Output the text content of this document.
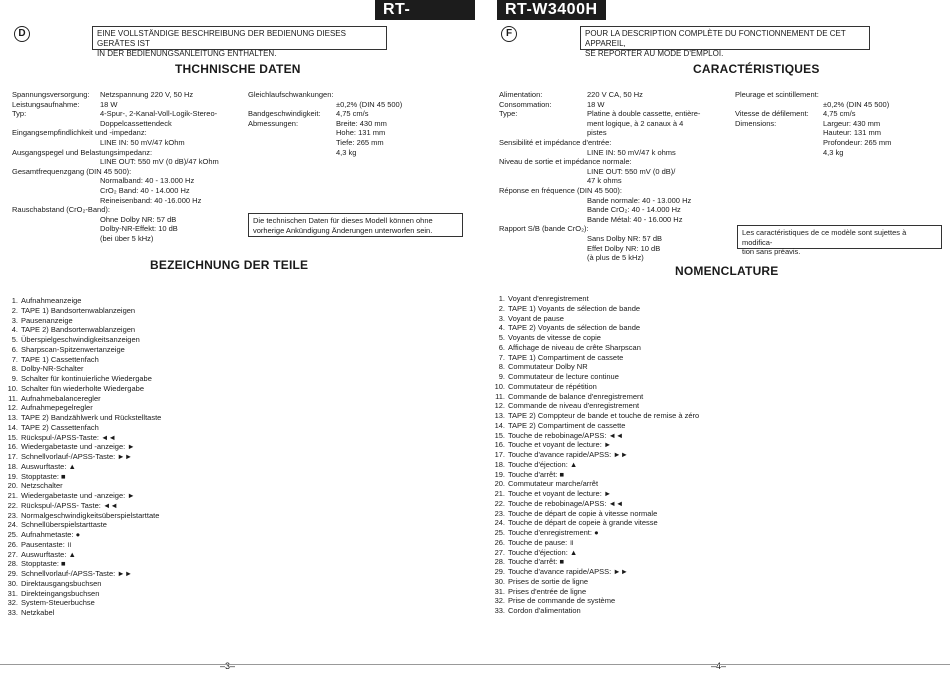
RT-W3400H
D	EINE VOLLSTÄNDIGE BESCHREIBUNG DER BEDIENUNG DIESES GERÄTES IST
IN DER BEDIENUNGSANLEITUNG ENTHALTEN.
THCHNISCHE DATEN
Spannungsversorgung:	Netzspannung 220 V, 50 Hz
Leistungsaufnahme:	18 W
Typ:	4-Spur-, 2-Kanal-Voll-Logik-Stereo-
Doppelcassettendeck
Eingangsempfindlichkeit und -impedanz:
LINE IN: 50 mV/47 kOhm
Ausgangspegel und Belastungsimpedanz:
LINE OUT: 550 mV (0 dB)/47 kOhm
Gesamtfrequenzgang (DIN 45 500):
Normalband: 40 - 13.000 Hz
CrO₂ Band: 40 - 14.000 Hz
Reineisenband: 40 -16.000 Hz
Rauschabstand (CrO₂-Band):
Ohne Dolby NR: 57 dB
Dolby-NR-Effekt: 10 dB
(bei über 5 kHz)
Gleichlaufschwankungen:
±0,2% (DIN 45 500)
Bandgeschwindigkeit:	4,75 cm/s
Abmessungen:	Breite: 430 mm
Hohe: 131 mm
Tiefe: 265 mm
4,3 kg
Die technischen Daten für dieses Modell können ohne
vorherige Ankündigung Änderungen unterworfen sein.
BEZEICHNUNG DER TEILE
1. Aufnahmeanzeige
2. TAPE 1) Bandsortenwablanzeigen
3. Pausenanzeige
4. TAPE 2) Bandsortenwablanzeigen
5. Überspielgeschwindigkeitsanzeigen
6. Sharpscan-Spitzenwertanzeige
7. TAPE 1) Cassettenfach
8. Dolby-NR-Schalter
9. Schalter für kontinuierliche Wiedergabe
10. Schalter fün wiederholte Wiedergabe
11. Aufnahmebalanceregler
12. Aufnahmepegelregler
13. TAPE 2) Bandzählwerk und Rückstelltaste
14. TAPE 2) Cassettenfach
15. Rückspul-/APSS-Taste: ◄◄
16. Wiedergabetaste und -anzeige: ►
17. Schnellvorlauf-/APSS-Taste: ►►
18. Auswurftaste: ▲
19. Stopptaste: ■
20. Netzschalter
21. Wiedergabetaste und -anzeige: ►
22. Rückspul-/APSS- Taste: ◄◄
23. Normalgeschwindigkeitsüberspielstarttate
24. Schnellüberspielstarttaste
25. Aufnahmetaste: ●
26. Pausentaste: ॥
27. Auswurftaste: ▲
28. Stopptaste: ■
29. Schnellvorlauf-/APSS-Taste: ►►
30. Direktausgangsbuchsen
31. Direkteingangsbuchsen
32. System-Steuerbuchse
33. Netzkabel
–3–
RT-W3400H
F	POUR LA DESCRIPTION COMPLÈTE DU FONCTIONNEMENT DE CET APPAREIL,
SE REPORTER AU MODE D'EMPLOI.
CARACTÉRISTIQUES
Alimentation:	220 V CA, 50 Hz
Consommation:	18 W
Type:	Platine à double cassette, entière-
ment logique, à 2 canaux à 4
pistes
Sensibilité et impédance d'entrée:
LINE IN: 50 mV/47 k ohms
Niveau de sortie et impédance normale:
LINE OUT: 550 mV (0 dB)/
47 k ohms
Réponse en fréquence (DIN 45 500):
Bande normale: 40 - 13.000 Hz
Bande CrO₂: 40 - 14.000 Hz
Bande Métal: 40 - 16.000 Hz
Rapport S/B (bande CrO₂):
Sans Dolby NR: 57 dB
Effet Dolby NR: 10 dB
(à plus de 5 kHz)
Pleurage et scintillement:
±0,2% (DIN 45 500)
Vitesse de défilement:	4,75 cm/s
Dimensions:	Largeur: 430 mm
Hauteur: 131 mm
Profondeur: 265 mm
4,3 kg
Les caractéristiques de ce modèle sont sujettes à modifica-
tion sans préavis.
NOMENCLATURE
1. Voyant d'enregistrement
2. TAPE 1) Voyants de sélection de bande
3. Voyant de pause
4. TAPE 2) Voyants de sélection de bande
5. Voyants de vitesse de copie
6. Affichage de niveau de crête Sharpscan
7. TAPE 1) Compartiment de cassete
8. Commutateur Dolby NR
9. Commutateur de lecture continue
10. Commutateur de répétition
11. Commande de balance d'enregistrement
12. Commande de niveau d'enregistrement
13. TAPE 2) Comppteur de bande et touche de remise à zéro
14. TAPE 2) Compartiment de cassette
15. Touche de rebobinage/APSS: ◄◄
16. Touche et voyant de lecture: ►
17. Touche d'avance rapide/APSS: ►►
18. Touche d'éjection: ▲
19. Touche d'arrêt: ■
20. Commutateur marche/arrêt
21. Touche et voyant de lecture: ►
22. Touche de rebobinage/APSS: ◄◄
23. Touche de départ de copie à vitesse normale
24. Touche de départ de copeie à grande vitesse
25. Touche d'enregistrement: ●
26. Touche de pause: ॥
27. Touche d'éjection: ▲
28. Touche d'arrêt: ■
29. Touche d'avance rapide/APSS: ►►
30. Prises de sortie de ligne
31. Prises d'entrée de ligne
32. Prise de commande de système
33. Cordon d'alimentation
–4–
